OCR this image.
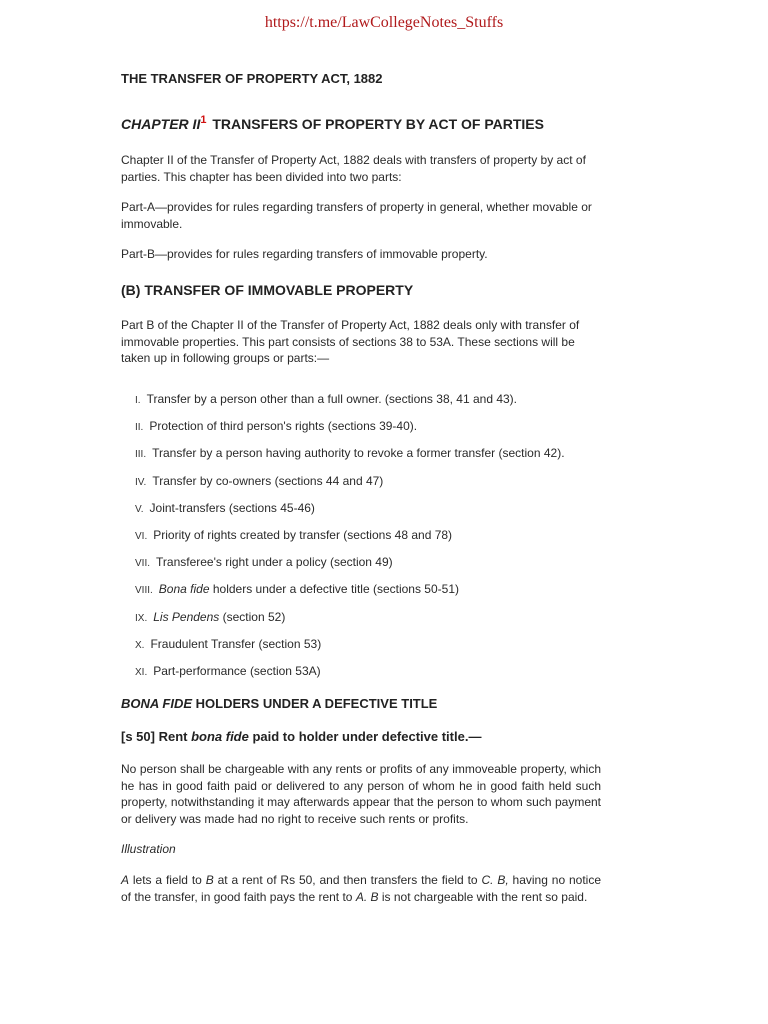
https://t.me/LawCollegeNotes_Stuffs
THE TRANSFER OF PROPERTY ACT, 1882
CHAPTER $II^1$ TRANSFERS OF PROPERTY BY ACT OF PARTIES

Chapter II of the Transfer of Property Act, 1882 deals with transfers of property by act of parties. This chapter has been divided into two parts:

Part-A—provides for rules regarding transfers of property in general, whether movable or immovable.

Part-B—provides for rules regarding transfers of immovable property.

(B) TRANSFER OF IMMOVABLE PROPERTY

Part B of the Chapter II of the Transfer of Property Act, 1882 deals only with transfer of immovable properties. This part consists of sections 38 to 53A. These sections will be taken up in following groups or parts:—

I. Transfer by a person other than a full owner. (sections 38, 41 and 43).
II. Protection of third person's rights (sections 39-40).
III. Transfer by a person having authority to revoke a former transfer (section 42).
IV. Transfer by co-owners (sections 44 and 47)
V. Joint-transfers (sections 45-46)
VI. Priority of rights created by transfer (sections 48 and 78)
VII. Transferee's right under a policy (section 49)
VIII. Bona fide holders under a defective title (sections 50-51)
IX. Lis Pendens (section 52)
X. Fraudulent Transfer (section 53)
XI. Part-performance (section 53A)
BONA FIDE HOLDERS UNDER A DEFECTIVE TITLE
[s 50] Rent bona fide paid to holder under defective title.—

No person shall be chargeable with any rents or profits of any immoveable property, which he has in good faith paid or delivered to any person of whom he in good faith held such property, notwithstanding it may afterwards appear that the person to whom such payment or delivery was made had no right to receive such rents or profits.

Illustration

A lets a field to B at a rent of Rs 50, and then transfers the field to C. B, having no notice of the transfer, in good faith pays the rent to A. B is not chargeable with the rent so paid.
